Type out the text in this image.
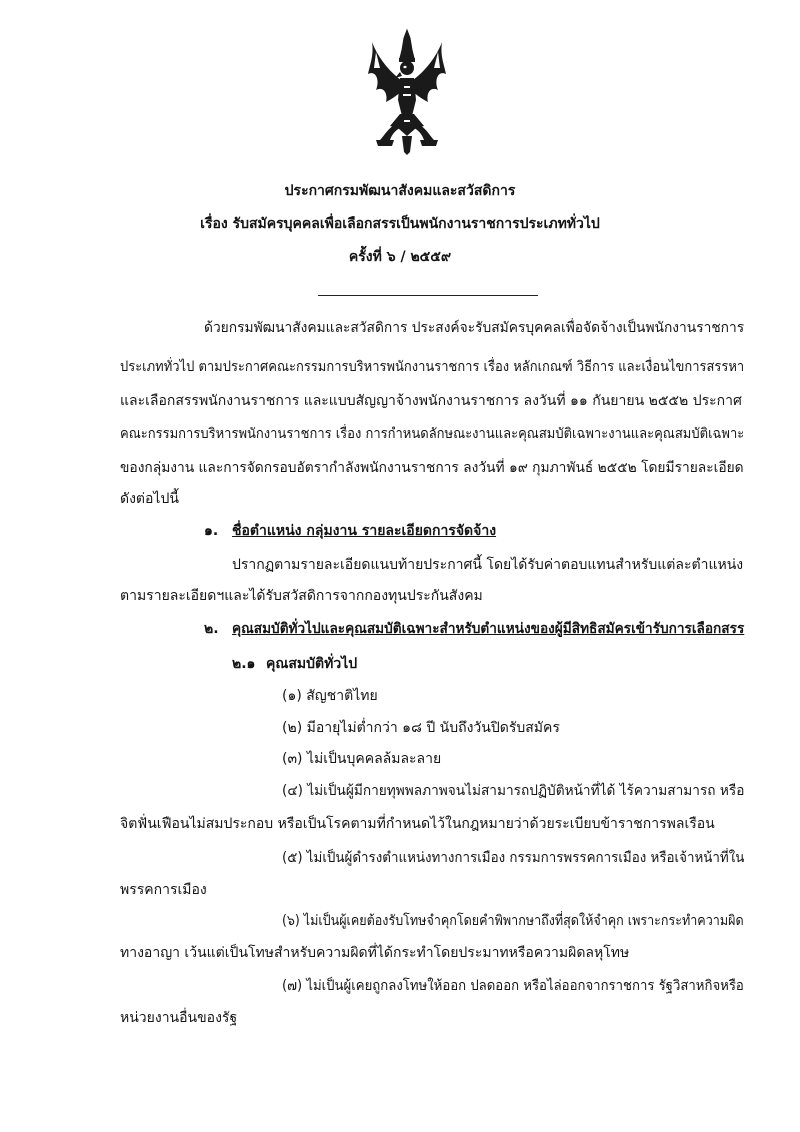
ประกาศกรมพัฒนาสังคมและสวัสดิการ
เรื่อง รับสมัครบุคคลเพื่อเลือกสรรเป็นพนักงานราชการประเภททั่วไป
ครั้งที่ ๖ / ๒๕๕๙
ด้วยกรมพัฒนาสังคมและสวัสดิการ ประสงค์จะรับสมัครบุคคลเพื่อจัดจ้างเป็นพนักงานราชการ
ประเภททั่วไป ตามประกาศคณะกรรมการบริหารพนักงานราชการ เรื่อง หลักเกณฑ์ วิธีการ และเงื่อนไขการสรรหา
และเลือกสรรพนักงานราชการ และแบบสัญญาจ้างพนักงานราชการ ลงวันที่ ๑๑ กันยายน ๒๕๕๒ ประกาศ
คณะกรรมการบริหารพนักงานราชการ เรื่อง การกำหนดลักษณะงานและคุณสมบัติเฉพาะงานและคุณสมบัติเฉพาะ
ของกลุ่มงาน และการจัดกรอบอัตรากำลังพนักงานราชการ ลงวันที่ ๑๙ กุมภาพันธ์ ๒๕๕๒ โดยมีรายละเอียด
ดังต่อไปนี้
๑. ชื่อตำแหน่ง กลุ่มงาน รายละเอียดการจัดจ้าง
ปรากฏตามรายละเอียดแนบท้ายประกาศนี้ โดยได้รับค่าตอบแทนสำหรับแต่ละตำแหน่ง
ตามรายละเอียดฯและได้รับสวัสดิการจากกองทุนประกันสังคม
๒. คุณสมบัติทั่วไปและคุณสมบัติเฉพาะสำหรับตำแหน่งของผู้มีสิทธิสมัครเข้ารับการเลือกสรร
๒.๑ คุณสมบัติทั่วไป
(๑) สัญชาติไทย
(๒) มีอายุไม่ต่ำกว่า ๑๘ ปี นับถึงวันปิดรับสมัคร
(๓) ไม่เป็นบุคคลล้มละลาย
(๔) ไม่เป็นผู้มีกายทุพพลภาพจนไม่สามารถปฏิบัติหน้าที่ได้ ไร้ความสามารถ หรือ
จิตฟั่นเฟือนไม่สมประกอบ หรือเป็นโรคตามที่กำหนดไว้ในกฎหมายว่าด้วยระเบียบข้าราชการพลเรือน
(๕) ไม่เป็นผู้ดำรงตำแหน่งทางการเมือง กรรมการพรรคการเมือง หรือเจ้าหน้าที่ใน
พรรคการเมือง
(๖) ไม่เป็นผู้เคยต้องรับโทษจำคุกโดยคำพิพากษาถึงที่สุดให้จำคุก เพราะกระทำความผิด
ทางอาญา เว้นแต่เป็นโทษสำหรับความผิดที่ได้กระทำโดยประมาทหรือความผิดลหุโทษ
(๗) ไม่เป็นผู้เคยถูกลงโทษให้ออก ปลดออก หรือไล่ออกจากราชการ รัฐวิสาหกิจหรือ
หน่วยงานอื่นของรัฐ
